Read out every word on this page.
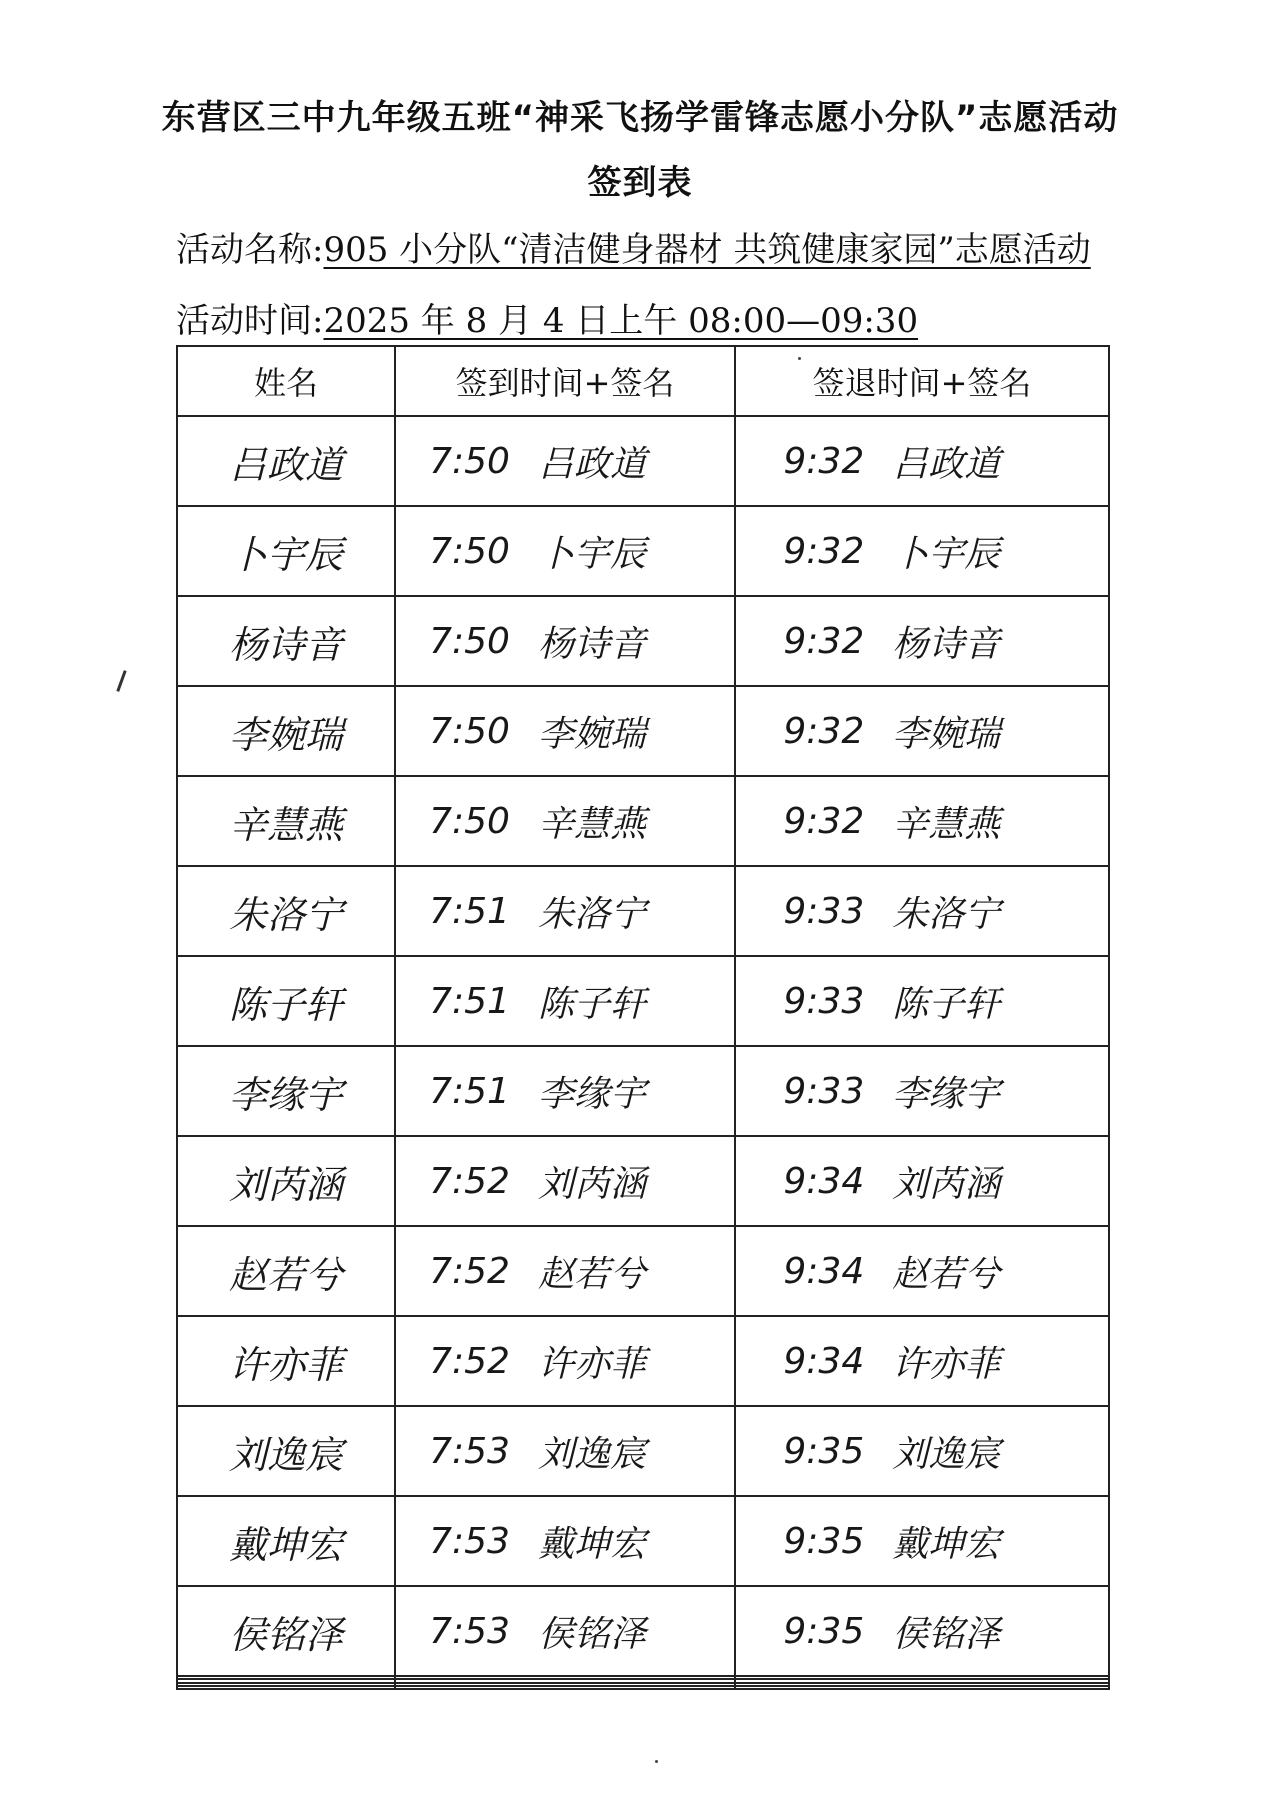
东营区三中九年级五班“神采飞扬学雷锋志愿小分队”志愿活动
签到表
活动名称:905 小分队“清洁健身器材 共筑健康家园”志愿活动
活动时间:2025 年 8 月 4 日上午 08:00—09:30
姓名	签到时间+签名	签退时间+签名
吕政道	7:50 吕政道	9:32 吕政道

卜宇辰	7:50 卜宇辰	9:32 卜宇辰

杨诗音	7:50 杨诗音	9:32 杨诗音

李婉瑞	7:50 李婉瑞	9:32 李婉瑞

辛慧燕	7:50 辛慧燕	9:32 辛慧燕

朱洛宁	7:51 朱洛宁	9:33 朱洛宁

陈子轩	7:51 陈子轩	9:33 陈子轩

李缘宇	7:51 李缘宇	9:33 李缘宇

刘芮涵	7:52 刘芮涵	9:34 刘芮涵

赵若兮	7:52 赵若兮	9:34 赵若兮

许亦菲	7:52 许亦菲	9:34 许亦菲

刘逸宸	7:53 刘逸宸	9:35 刘逸宸

戴坤宏	7:53 戴坤宏	9:35 戴坤宏

侯铭泽	7:53 侯铭泽	9:35 侯铭泽
